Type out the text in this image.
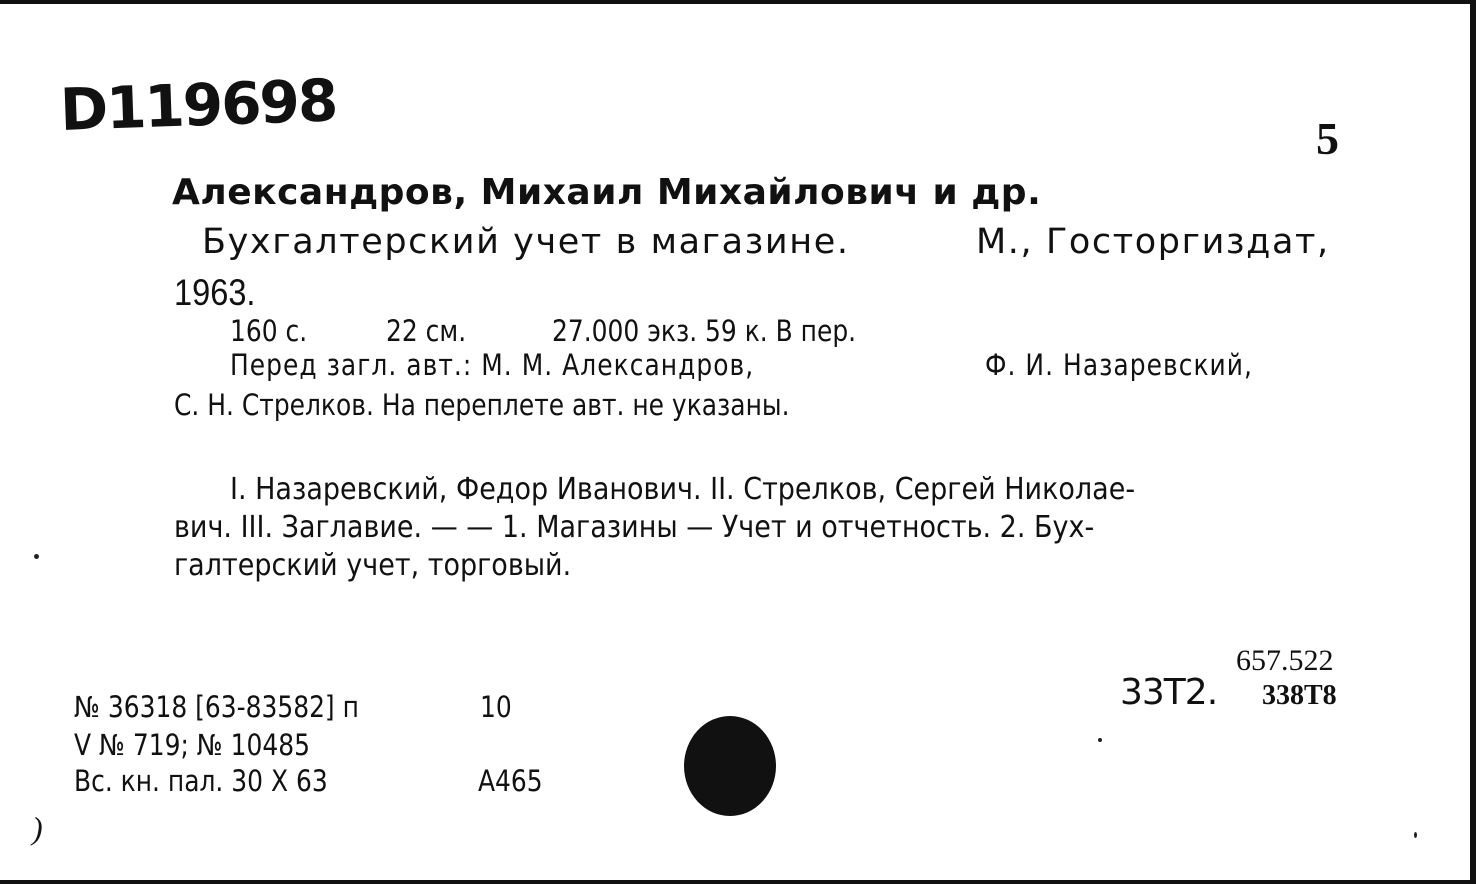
D119698	5
Александров, Михаил Михайлович и др.
Бухгалтерский учет в магазине.	М., Госторгиздат,
1963.
160 с.	22 см.	27.000 экз. 59 к. В пер.
Перед загл. авт.: М. М. Александров,	Ф. И. Назаревский,
С. Н. Стрелков. На переплете авт. не указаны.
I. Назаревский, Федор Иванович. II. Стрелков, Сергей Николае-
вич. III. Заглавие. — — 1. Магазины — Учет и отчетность. 2. Бух-
галтерский учет, торговый.
№ 36318 [63-83582] п	10
V № 719; № 10485
Вс. кн. пал. 30 X 63	А465
657.522
33T2. 338T8
)
